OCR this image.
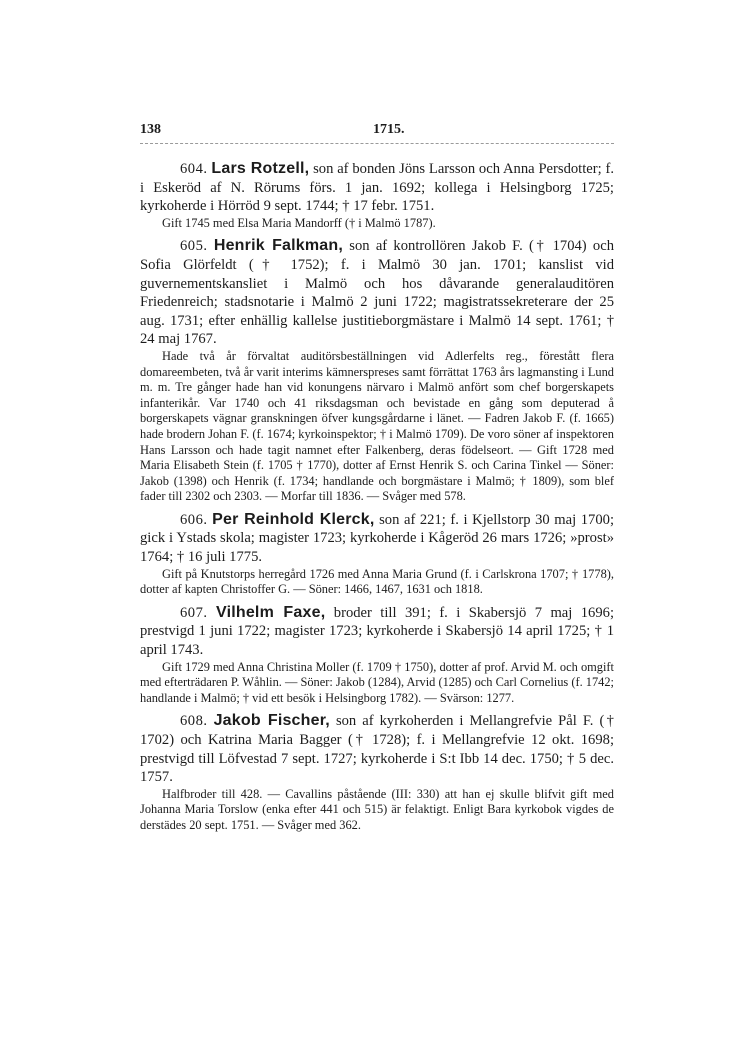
138	1715.

604. Lars Rotzell, son af bonden Jöns Larsson och Anna Persdotter; f. i Eskeröd af N. Rörums förs. 1 jan. 1692; kollega i Helsingborg 1725; kyrkoherde i Hörröd 9 sept. 1744; † 17 febr. 1751.

Gift 1745 med Elsa Maria Mandorff († i Malmö 1787).

605. Henrik Falkman, son af kontrollören Jakob F. († 1704) och Sofia Glörfeldt († 1752); f. i Malmö 30 jan. 1701; kanslist vid guvernementskansliet i Malmö och hos dåvarande generalauditören Friedenreich; stadsnotarie i Malmö 2 juni 1722; magistratssekreterare der 25 aug. 1731; efter enhällig kallelse justitieborgmästare i Malmö 14 sept. 1761; † 24 maj 1767.

Hade två år förvaltat auditörsbeställningen vid Adlerfelts reg., förestått flera domareembeten, två år varit interims kämnerspreses samt förrättat 1763 års lagmansting i Lund m. m. Tre gånger hade han vid konungens närvaro i Malmö anfört som chef borgerskapets infanterikår. Var 1740 och 41 riksdagsman och bevistade en gång som deputerad å borgerskapets vägnar granskningen öfver kungsgårdarne i länet. — Fadren Jakob F. (f. 1665) hade brodern Johan F. (f. 1674; kyrkoinspektor; † i Malmö 1709). De voro söner af inspektoren Hans Larsson och hade tagit namnet efter Falkenberg, deras födelseort. — Gift 1728 med Maria Elisabeth Stein (f. 1705 † 1770), dotter af Ernst Henrik S. och Carina Tinkel — Söner: Jakob (1398) och Henrik (f. 1734; handlande och borgmästare i Malmö; † 1809), som blef fader till 2302 och 2303. — Morfar till 1836. — Svåger med 578.

606. Per Reinhold Klerck, son af 221; f. i Kjellstorp 30 maj 1700; gick i Ystads skola; magister 1723; kyrkoherde i Kågeröd 26 mars 1726; »prost» 1764; † 16 juli 1775.

Gift på Knutstorps herregård 1726 med Anna Maria Grund (f. i Carlskrona 1707; † 1778), dotter af kapten Christoffer G. — Söner: 1466, 1467, 1631 och 1818.

607. Vilhelm Faxe, broder till 391; f. i Skabersjö 7 maj 1696; prestvigd 1 juni 1722; magister 1723; kyrkoherde i Skabersjö 14 april 1725; † 1 april 1743.

Gift 1729 med Anna Christina Moller (f. 1709 † 1750), dotter af prof. Arvid M. och omgift med efterträdaren P. Wåhlin. — Söner: Jakob (1284), Arvid (1285) och Carl Cornelius (f. 1742; handlande i Malmö; † vid ett besök i Helsingborg 1782). — Svärson: 1277.

608. Jakob Fischer, son af kyrkoherden i Mellangrefvie Pål F. († 1702) och Katrina Maria Bagger († 1728); f. i Mellangrefvie 12 okt. 1698; prestvigd till Löfvestad 7 sept. 1727; kyrkoherde i S:t Ibb 14 dec. 1750; † 5 dec. 1757.

Halfbroder till 428. — Cavallins påstående (III: 330) att han ej skulle blifvit gift med Johanna Maria Torslow (enka efter 441 och 515) är felaktigt. Enligt Bara kyrkobok vigdes de derstädes 20 sept. 1751. — Svåger med 362.
